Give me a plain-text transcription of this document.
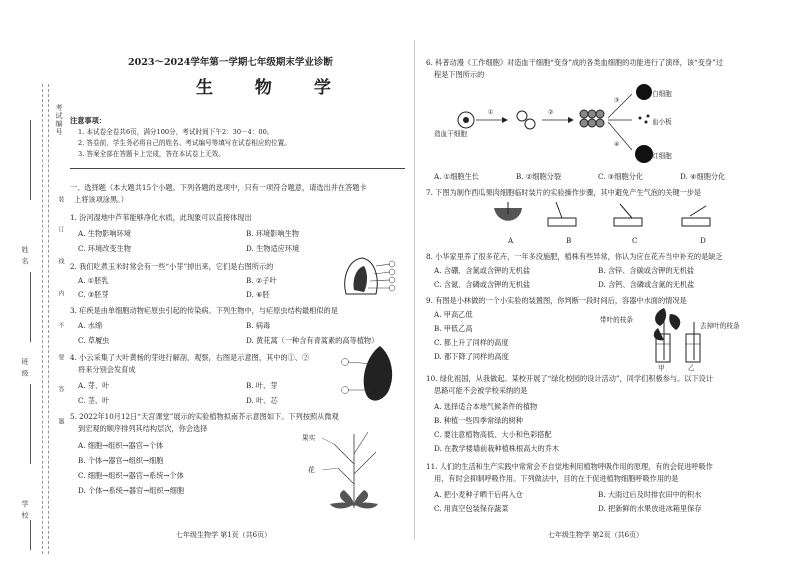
考试编号
装
订
线
内
不
要
答
题
姓 名
班 级
学 校
2023～2024学年第一学期七年级期末学业诊断
生 物 学
注意事项：
1. 本试卷全卷共6页，满分100分，考试时间下午2：30－4：00。
2. 答卷前，学生务必将自己的姓名、考试编号等填写在试卷相应的位置。
3. 答案全部在答题卡上完成，答在本试卷上无效。
一、选择题（本大题共15个小题。下列各题的选项中，只有一项符合题意，请选出并在答题卡
上将该项涂黑。）
1. 汾河湿地中芦苇能够净化水质，此现象可以直接体现出
A. 生物影响环境	B. 环境影响生物
C. 环境改变生物	D. 生物适应环境
2. 我们吃煮玉米时常会有一些“小芽”掉出来，它们是右图所示的
A. ①胚乳	B. ②子叶
C. ③胚芽	D. ⑥胚
3. 疟疾是由单细胞动物疟原虫引起的传染病。下列生物中，与疟原虫结构最相似的是
A. 水绵	B. 病毒
C. 草履虫	D. 黄花蒿（一种含有青蒿素的高等植物）
4. 小云采集了大叶黄杨的芽进行解剖，观察，右图是示意图，其中的①、②
将来分别会发育成
A. 芽、叶	B. 叶、芽
C. 茎、叶	D. 叶、芯
5. 2022年10月12日“天宫课堂”展示的实验植物拟南芥示意图如下。下列按照从微观
到宏观的顺序排列其结构层次，你会选择
A. 细胞→组织→器官→个体
B. 个体→器官→组织→细胞
C. 细胞→组织→器官→系统→个体
D. 个体→系统→器官→组织→细胞
果实
花
七年级生物学 第1页（共6页）
6. 科普动漫《工作细胞》对造血干细胞“变身”成的各类血细胞的功能进行了演绎，该“变身”过
程是下图所示的
①	②
③
④
造血干细胞
白细胞
血小板
红细胞
A. ①细胞生长	B. ②细胞分裂	C. ③细胞分化	D. ④细胞分化
7. 下图为制作西瓜果肉细胞临时装片的实验操作步骤，其中避免产生气泡的关键一步是
A	B	C	D
8. 小华家里养了很多花卉，一年多没施肥，植株有些异常，你认为应在花卉当中补充的是缺乏
A. 含硼、含氮或含钾的无机盐	B. 含锌、含碳或含钾的无机盐
C. 含氮、含磷或含钾的无机盐	D. 含钙、含磷或含氮的无机盐
9. 有图是小林做的一个小实验的装置图，你判断一段时间后，容器中水面的情况是
A. 甲高乙低
B. 甲低乙高
C. 都上升了同样的高度
D. 都下降了同样的高度
带叶的枝条
去掉叶的枝条
甲	乙
10. 绿化祖国，从我做起。某校开展了“绿化校园的设计活动”，同学们积极参与。以下设计
思路可能不会被学校采纳的是
A. 选择适合本地气候条件的植物
B. 种植一些四季常绿的树种
C. 要注意植物高低、大小和色彩搭配
D. 在教学楼墙前栽种植株根高大的乔木
11. 人们的生活和生产实践中常常会不自觉地利用植物呼吸作用的原理，有的会促进呼吸作
用，有时会抑制呼吸作用。下列做法中，目的在于促进植物细胞呼吸作用的是
A. 把小麦种子晒干后再入仓	B. 大雨过后及时排农田中的积水
C. 用真空包装保存蔬菜	D. 把新鲜的水果放进冰箱里保存
七年级生物学 第2页（共6页）
